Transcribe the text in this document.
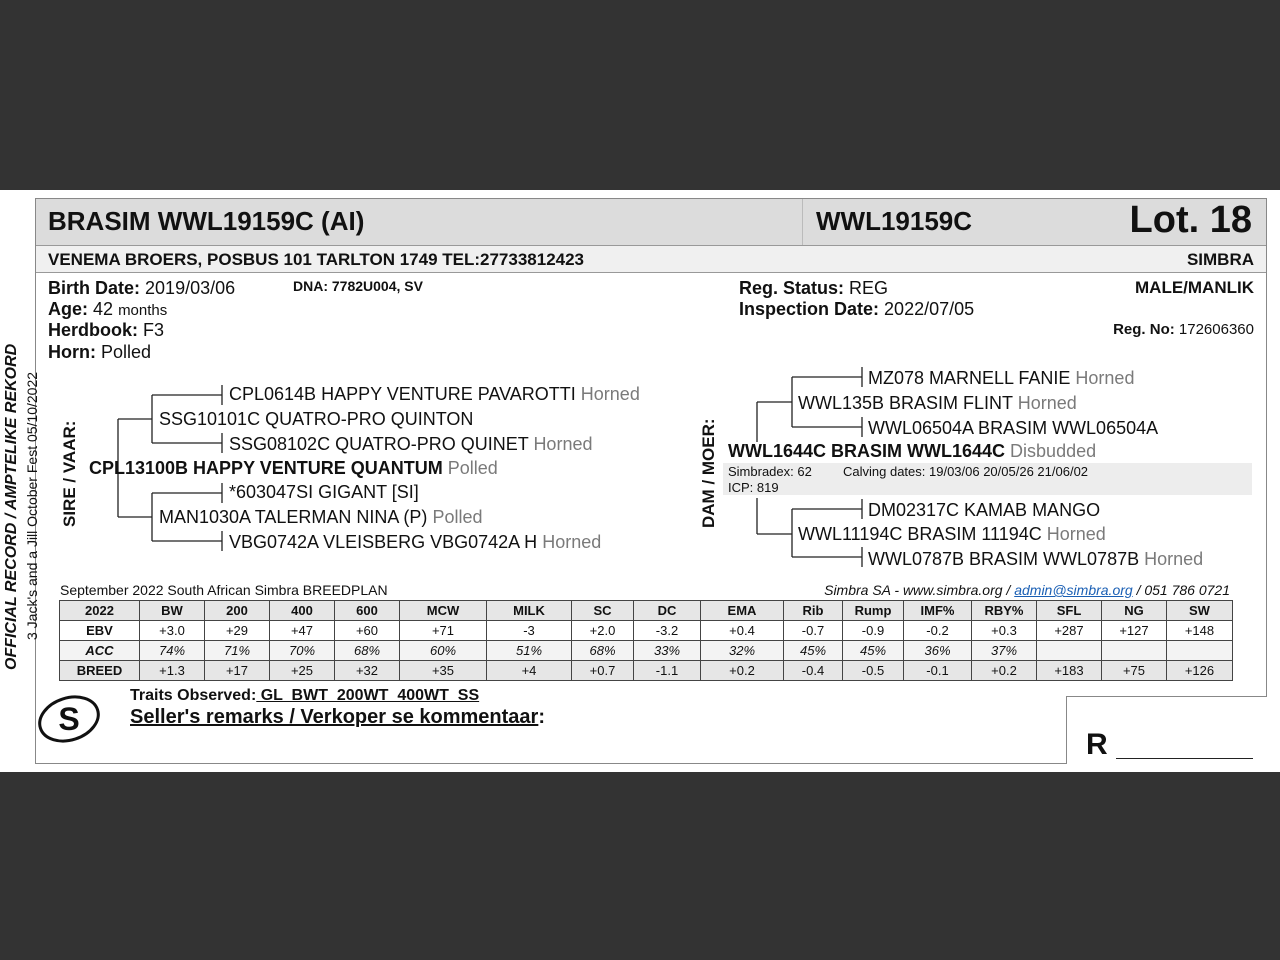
BRASIM WWL19159C (AI)	WWL19159C	Lot. 18
VENEMA BROERS, POSBUS 101 TARLTON 1749 TEL:27733812423	SIMBRA
Birth Date: 2019/03/06	DNA: 7782U004, SV
Age: 42 months
Herdbook: F3
Horn: Polled
Reg. Status: REG
Inspection Date: 2022/07/05
MALE/MANLIK
Reg. No: 172606360
OFFICIAL RECORD / AMPTELIKE REKORD 3 Jack's and a Jill October Fest 05/10/2022 SIRE / VAAR:	DAM / MOER:
CPL0614B HAPPY VENTURE PAVAROTTI Horned
SSG10101C QUATRO-PRO QUINTON
SSG08102C QUATRO-PRO QUINET Horned
CPL13100B HAPPY VENTURE QUANTUM Polled
*603047SI GIGANT [SI]
MAN1030A TALERMAN NINA (P) Polled
VBG0742A VLEISBERG VBG0742A H Horned
MZ078 MARNELL FANIE Horned
WWL135B BRASIM FLINT Horned
WWL06504A BRASIM WWL06504A
WWL1644C BRASIM WWL1644C Disbudded
Simbradex: 62 Calving dates: 19/03/06 20/05/26 21/06/02
ICP: 819
DM02317C KAMAB MANGO
WWL11194C BRASIM 11194C Horned
WWL0787B BRASIM WWL0787B Horned
September 2022 South African Simbra BREEDPLAN	Simbra SA - www.simbra.org / admin@simbra.org / 051 786 0721
2022	BW	200	400	600	MCW	MILK	SC	DC	EMA	Rib	Rump	IMF%	RBY%	SFL	NG	SW
EBV	+3.0	+29	+47	+60	+71	-3	+2.0	-3.2	+0.4	-0.7	-0.9	-0.2	+0.3	+287	+127	+148
ACC	74%	71%	70%	68%	60%	51%	68%	33%	32%	45%	45%	36%	37%			
BREED	+1.3	+17	+25	+32	+35	+4	+0.7	-1.1	+0.2	-0.4	-0.5	-0.1	+0.2	+183	+75	+126
R
S
Traits Observed: GL  BWT  200WT  400WT  SS
Seller's remarks / Verkoper se kommentaar:
